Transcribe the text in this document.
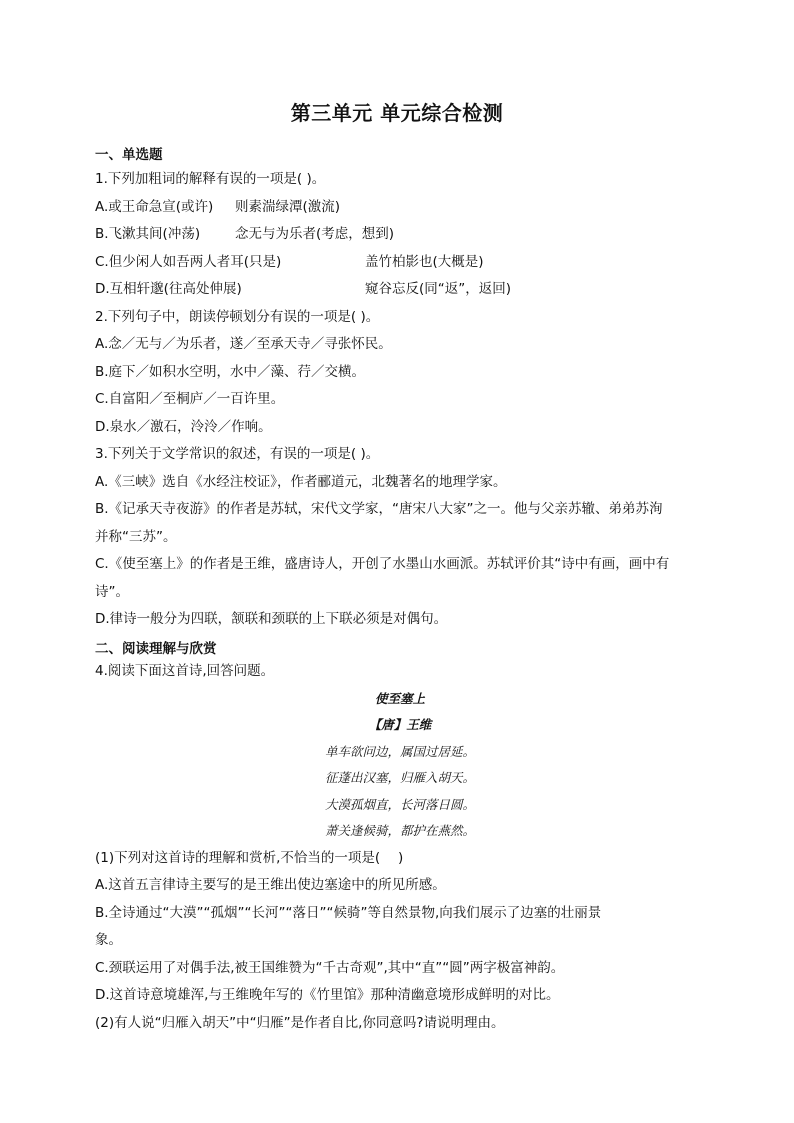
第三单元 单元综合检测
一、单选题
1.下列加粗词的解释有误的一项是( )。
A.或王命急宣(或许)	则素湍绿潭(激流)
B.飞漱其间(冲荡)	念无与为乐者(考虑，想到)
C.但少闲人如吾两人者耳(只是)	盖竹柏影也(大概是)
D.互相轩邈(往高处伸展)	窥谷忘反(同“返”，返回)
2.下列句子中，朗读停顿划分有误的一项是( )。
A.念／无与／为乐者，遂／至承天寺／寻张怀民。
B.庭下／如积水空明，水中／藻、荇／交横。
C.自富阳／至桐庐／一百许里。
D.泉水／激石，泠泠／作响。
3.下列关于文学常识的叙述，有误的一项是( )。
A.《三峡》选自《水经注校证》，作者郦道元，北魏著名的地理学家。
B.《记承天寺夜游》的作者是苏轼，宋代文学家，“唐宋八大家”之一。他与父亲苏辙、弟弟苏洵
并称“三苏”。
C.《使至塞上》的作者是王维，盛唐诗人，开创了水墨山水画派。苏轼评价其“诗中有画，画中有
诗”。
D.律诗一般分为四联，颔联和颈联的上下联必须是对偶句。
二、阅读理解与欣赏
4.阅读下面这首诗,回答问题。
使至塞上
【唐】王维
单车欲问边，属国过居延。
征蓬出汉塞，归雁入胡天。
大漠孤烟直，长河落日圆。
萧关逢候骑，都护在燕然。
(1)下列对这首诗的理解和赏析,不恰当的一项是(　 )
A.这首五言律诗主要写的是王维出使边塞途中的所见所感。
B.全诗通过“大漠”“孤烟”“长河”“落日”“候骑”等自然景物,向我们展示了边塞的壮丽景
象。
C.颈联运用了对偶手法,被王国维赞为“千古奇观”,其中“直”“圆”两字极富神韵。
D.这首诗意境雄浑,与王维晚年写的《竹里馆》那种清幽意境形成鲜明的对比。
(2)有人说“归雁入胡天”中“归雁”是作者自比,你同意吗?请说明理由。
